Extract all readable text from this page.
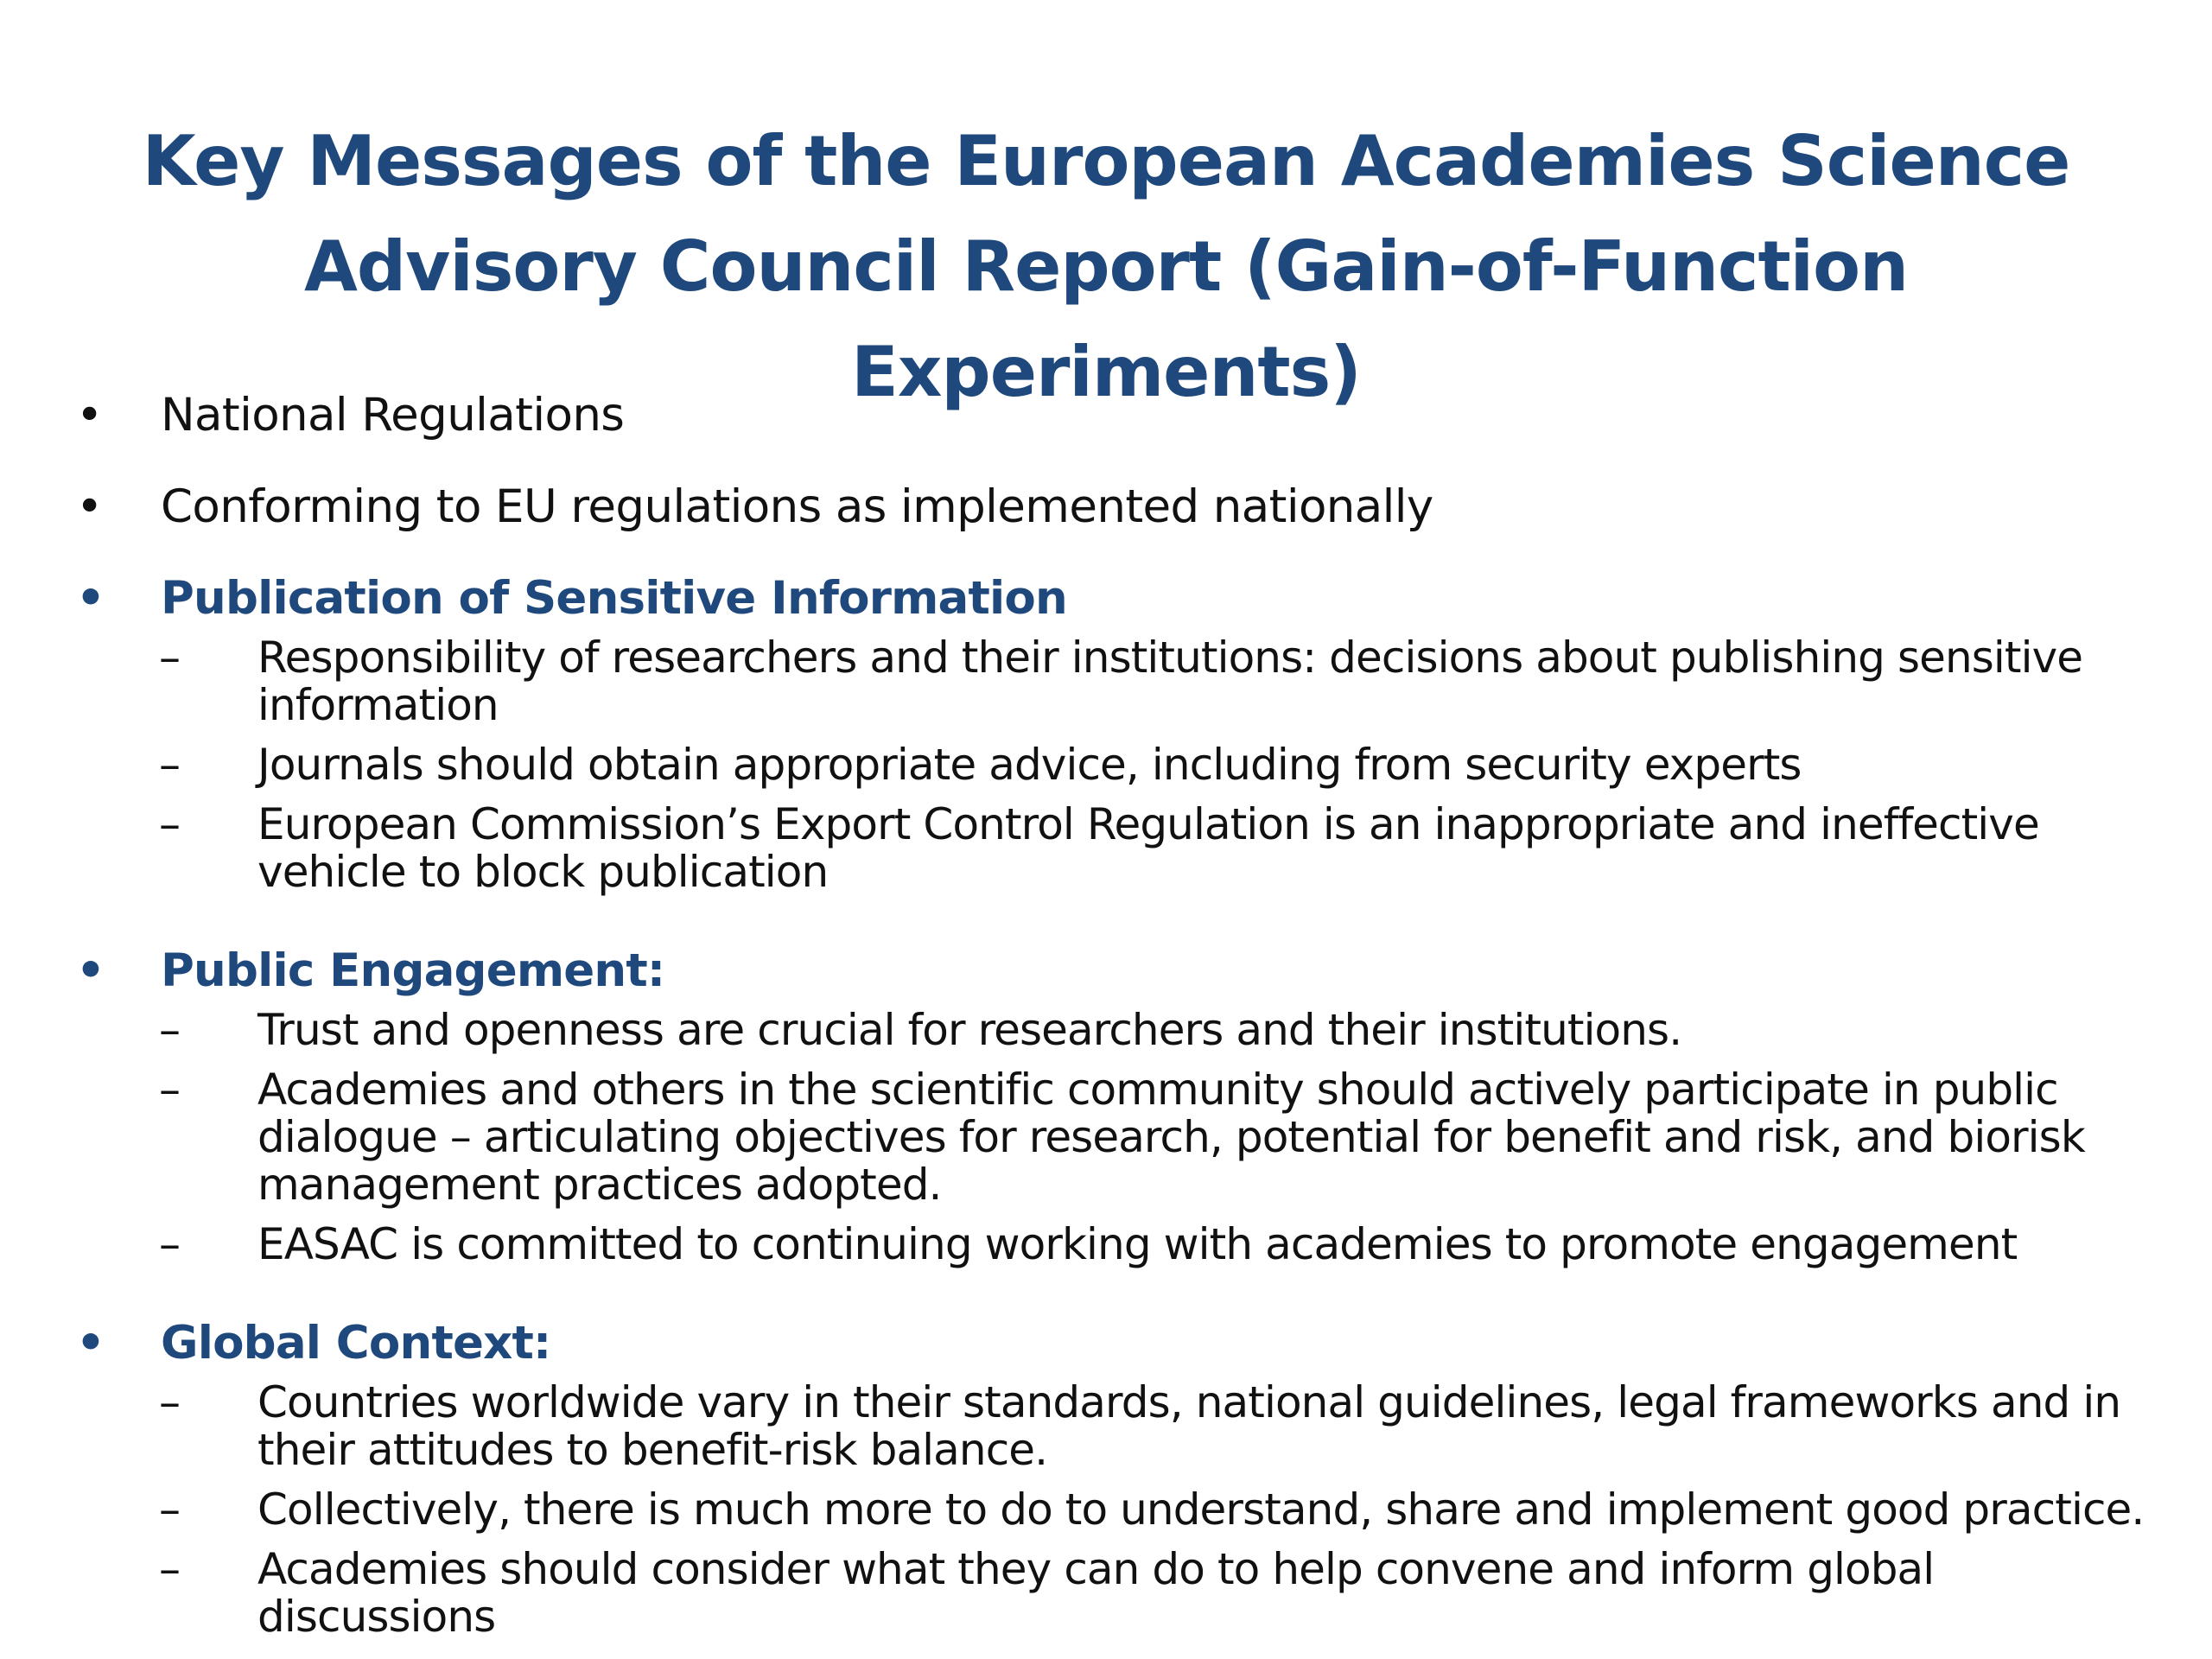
Key Messages of the European Academies Science
Advisory Council Report (Gain-of-Function Experiments)
• National Regulations
• Conforming to EU regulations as implemented nationally
• Publication of Sensitive Information
–	Responsibility of researchers and their institutions: decisions about publishing sensitive information
–	Journals should obtain appropriate advice, including from security experts
–	European Commission’s Export Control Regulation is an inappropriate and ineffective vehicle to block publication
• Public Engagement:
–	Trust and openness are crucial for researchers and their institutions.
–	Academies and others in the scientific community should actively participate in public dialogue – articulating objectives for research, potential for benefit and risk, and biorisk management practices adopted.
–	EASAC is committed to continuing working with academies to promote engagement
• Global Context:
–	Countries worldwide vary in their standards, national guidelines, legal frameworks and in their attitudes to benefit-risk balance.
–	Collectively, there is much more to do to understand, share and implement good practice.
–	Academies should consider what they can do to help convene and inform global discussions
